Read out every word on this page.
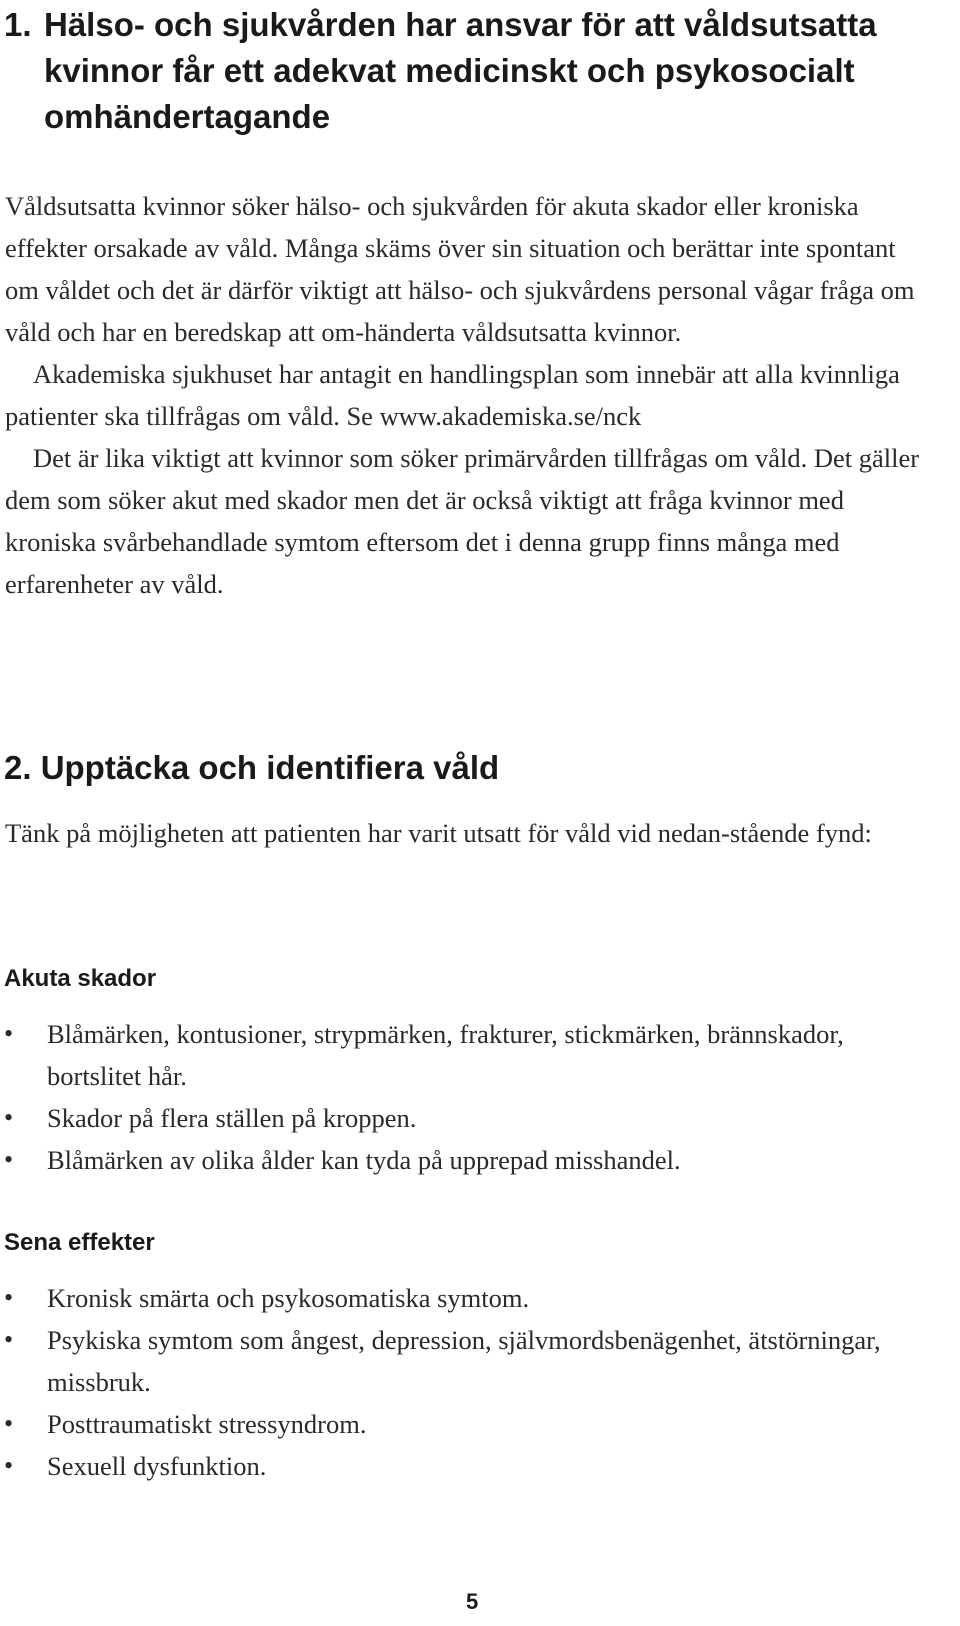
1. Hälso- och sjukvården har ansvar för att våldsutsatta
kvinnor får ett adekvat medicinskt och psykosocialt
omhändertagande

Våldsutsatta kvinnor söker hälso- och sjukvården för akuta skador eller kroniska effekter orsakade av våld. Många skäms över sin situation och berättar inte spontant om våldet och det är därför viktigt att hälso- och sjukvårdens personal vågar fråga om våld och har en beredskap att om-händerta våldsutsatta kvinnor.

Akademiska sjukhuset har antagit en handlingsplan som innebär att alla kvinnliga patienter ska tillfrågas om våld. Se www.akademiska.se/nck

Det är lika viktigt att kvinnor som söker primärvården tillfrågas om våld. Det gäller dem som söker akut med skador men det är också viktigt att fråga kvinnor med kroniska svårbehandlade symtom eftersom det i denna grupp finns många med erfarenheter av våld.

2. Upptäcka och identifiera våld

Tänk på möjligheten att patienten har varit utsatt för våld vid nedan-stående fynd:

Akuta skador
• Blåmärken, kontusioner, strypmärken, frakturer, stickmärken, brännskador, bortslitet hår.
• Skador på flera ställen på kroppen.
• Blåmärken av olika ålder kan tyda på upprepad misshandel.
Sena effekter
• Kronisk smärta och psykosomatiska symtom.
• Psykiska symtom som ångest, depression, självmordsbenägenhet, ätstörningar, missbruk.
• Posttraumatiskt stressyndrom.
• Sexuell dysfunktion.
5
